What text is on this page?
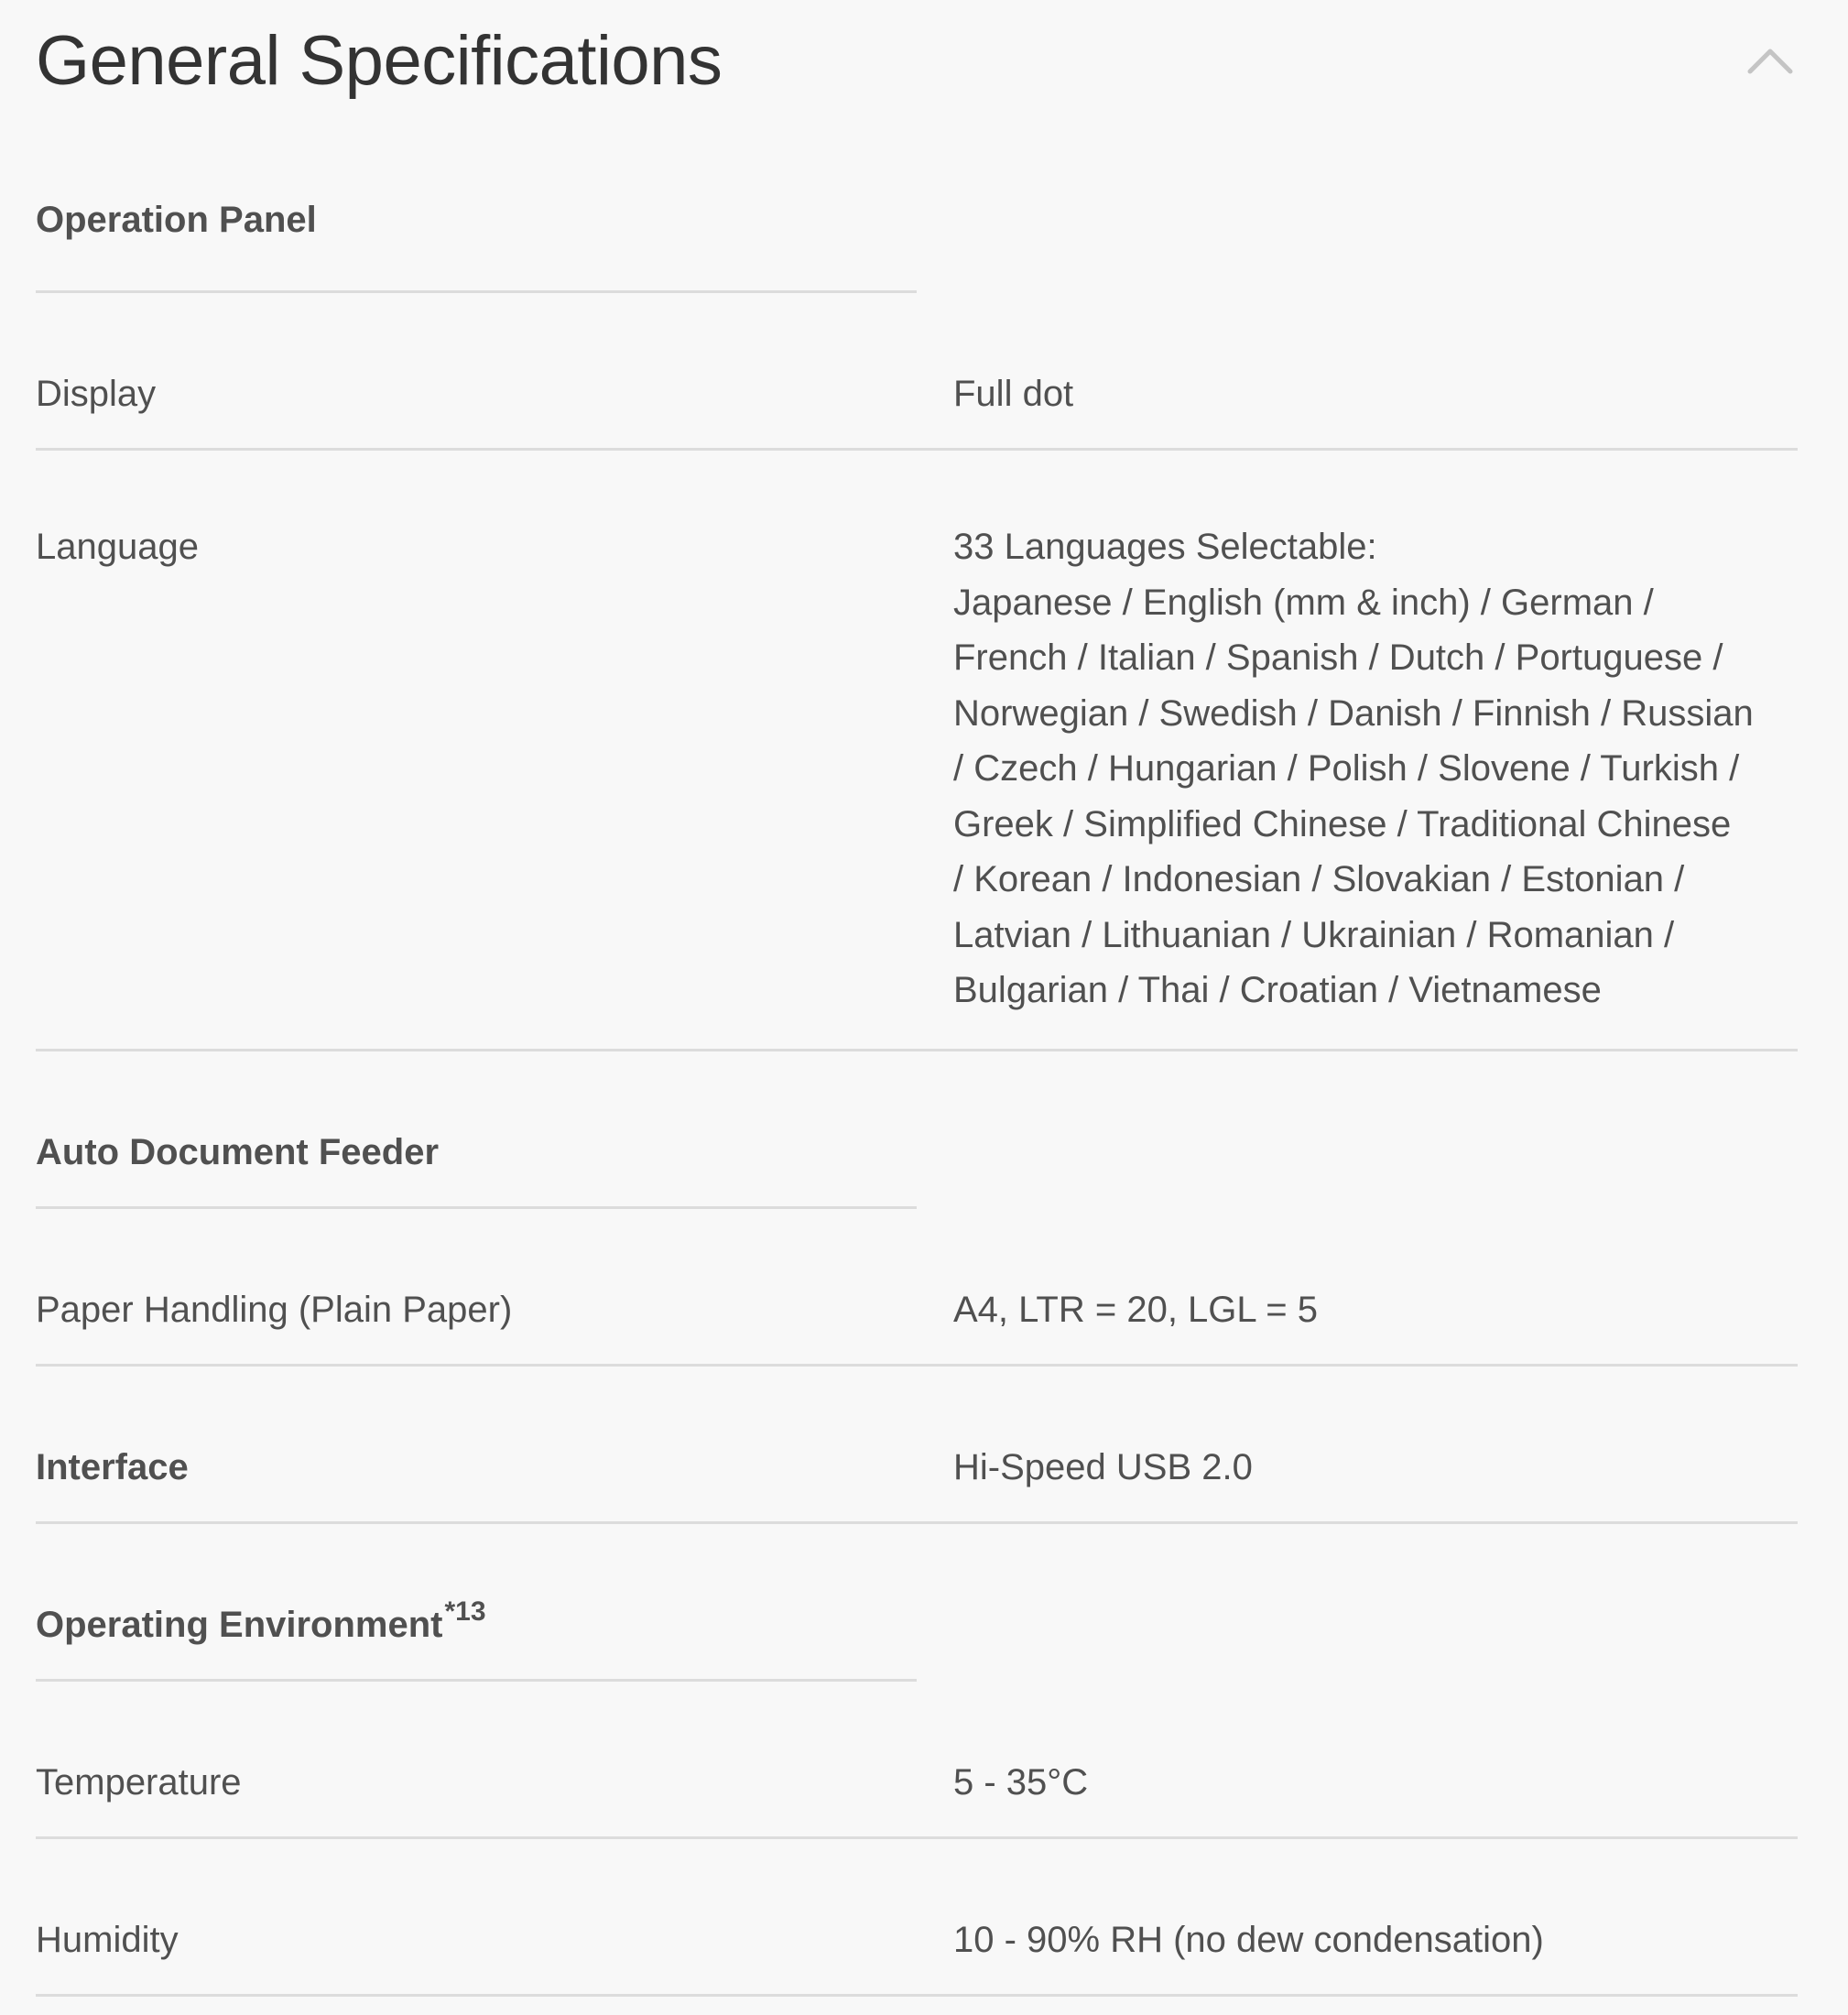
General Specifications
Operation Panel
Display	Full dot
Language	33 Languages Selectable:
Japanese / English (mm & inch) / German /
French / Italian / Spanish / Dutch / Portuguese /
Norwegian / Swedish / Danish / Finnish / Russian
/ Czech / Hungarian / Polish / Slovene / Turkish /
Greek / Simplified Chinese / Traditional Chinese
/ Korean / Indonesian / Slovakian / Estonian /
Latvian / Lithuanian / Ukrainian / Romanian /
Bulgarian / Thai / Croatian / Vietnamese
Auto Document Feeder
Paper Handling (Plain Paper)	A4, LTR = 20, LGL = 5
Interface	Hi-Speed USB 2.0
Operating Environment$^{*13}$
Temperature	5 - 35°C
Humidity	10 - 90% RH (no dew condensation)
